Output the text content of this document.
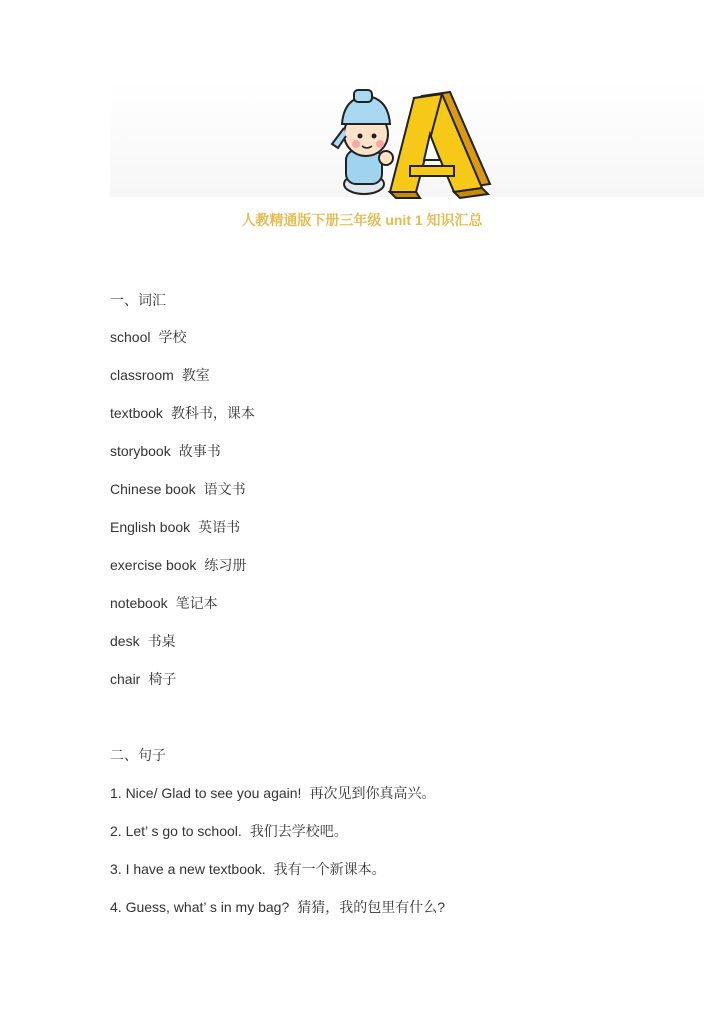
人教精通版下册三年级 unit 1 知识汇总
一、词汇
school 学校
classroom 教室
textbook 教科书，课本
storybook 故事书
Chinese book 语文书
English book 英语书
exercise book 练习册
notebook 笔记本
desk 书桌
chair 椅子
二、句子
1. Nice/ Glad to see you again! 再次见到你真高兴。
2. Let’ s go to school. 我们去学校吧。
3. I have a new textbook. 我有一个新课本。
4. Guess, what’ s in my bag? 猜猜，我的包里有什么?
